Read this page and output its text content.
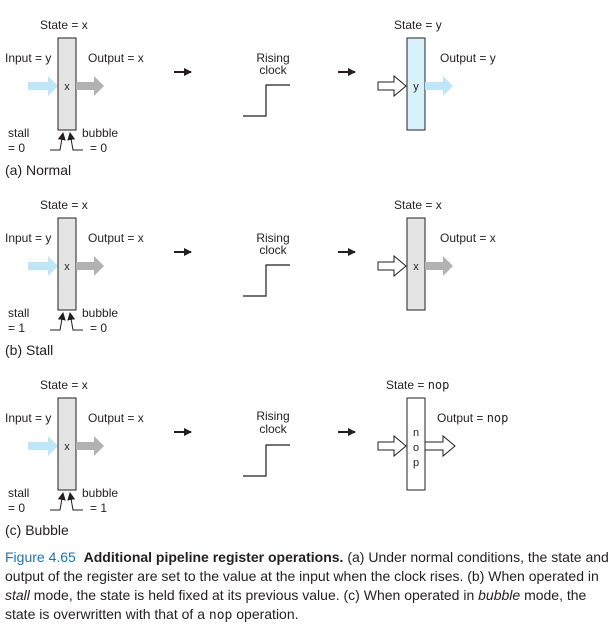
State = x
Input = y	Output = x
x
stall
= 0
bubble
= 0
Rising
clock
State = y
y
Output = y
(a) Normal
State = x
Input = y	Output = x
x
stall
= 1
bubble
= 0
Rising
clock
State = x
x
Output = x
(b) Stall
State = x
Input = y	Output = x
x
stall
= 0
bubble
= 1
Rising
clock
State = nop
n
o
p
Output = nop
(c) Bubble
Figure 4.65 Additional pipeline register operations. (a) Under normal conditions, the state and output of the register are set to the value at the input when the clock rises. (b) When operated in stall mode, the state is held fixed at its previous value. (c) When operated in bubble mode, the state is overwritten with that of a nop operation.
